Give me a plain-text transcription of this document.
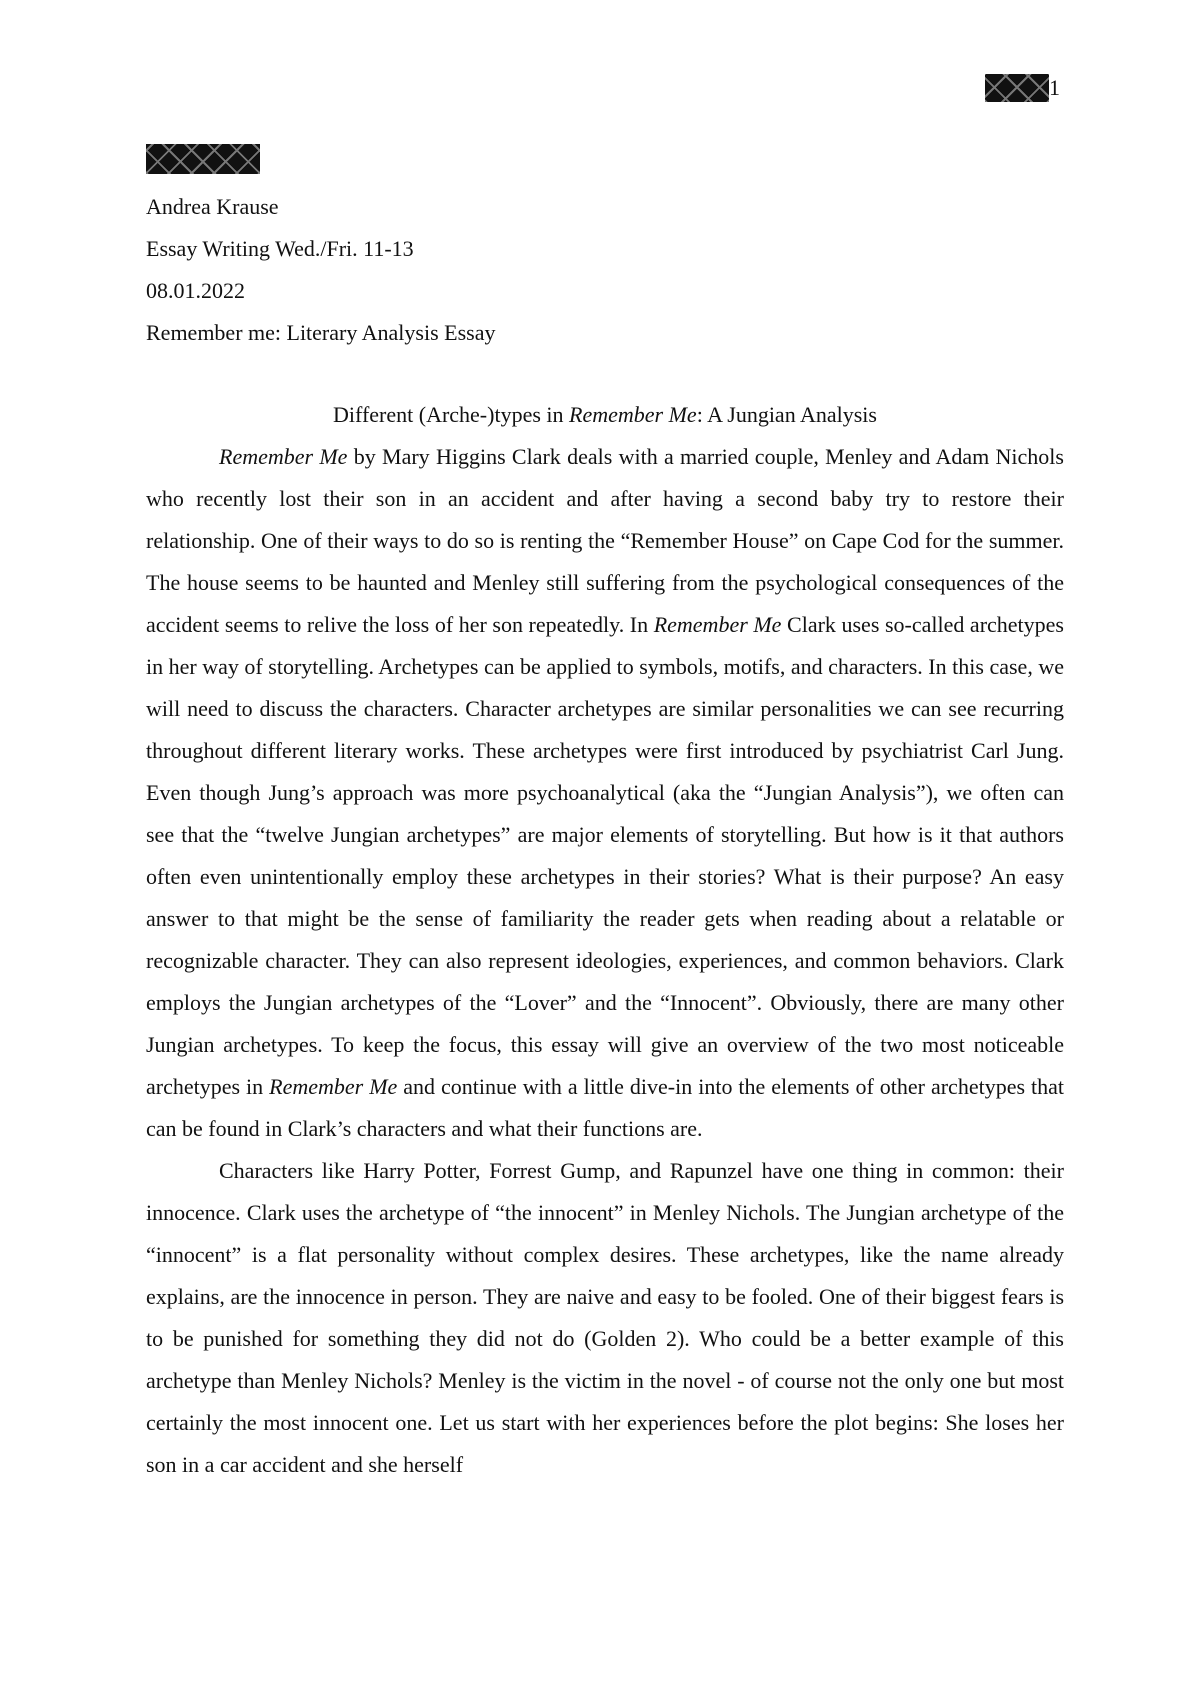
1
Andrea Krause
Essay Writing Wed./Fri. 11-13
08.01.2022
Remember me: Literary Analysis Essay
Different (Arche-)types in Remember Me: A Jungian Analysis

Remember Me by Mary Higgins Clark deals with a married couple, Menley and Adam Nichols who recently lost their son in an accident and after having a second baby try to restore their relationship. One of their ways to do so is renting the “Remember House” on Cape Cod for the summer. The house seems to be haunted and Menley still suffering from the psychological consequences of the accident seems to relive the loss of her son repeatedly. In Remember Me Clark uses so-called archetypes in her way of storytelling. Archetypes can be applied to symbols, motifs, and characters. In this case, we will need to discuss the characters. Character archetypes are similar personalities we can see recurring throughout different literary works. These archetypes were first introduced by psychiatrist Carl Jung. Even though Jung’s approach was more psychoanalytical (aka the “Jungian Analysis”), we often can see that the “twelve Jungian archetypes” are major elements of storytelling. But how is it that authors often even unintentionally employ these archetypes in their stories? What is their purpose? An easy answer to that might be the sense of familiarity the reader gets when reading about a relatable or recognizable character. They can also represent ideologies, experiences, and common behaviors. Clark employs the Jungian archetypes of the “Lover” and the “Innocent”. Obviously, there are many other Jungian archetypes. To keep the focus, this essay will give an overview of the two most noticeable archetypes in Remember Me and continue with a little dive-in into the elements of other archetypes that can be found in Clark’s characters and what their functions are.

Characters like Harry Potter, Forrest Gump, and Rapunzel have one thing in common: their innocence. Clark uses the archetype of “the innocent” in Menley Nichols. The Jungian archetype of the “innocent” is a flat personality without complex desires. These archetypes, like the name already explains, are the innocence in person. They are naive and easy to be fooled. One of their biggest fears is to be punished for something they did not do (Golden 2). Who could be a better example of this archetype than Menley Nichols? Menley is the victim in the novel - of course not the only one but most certainly the most innocent one. Let us start with her experiences before the plot begins: She loses her son in a car accident and she herself
